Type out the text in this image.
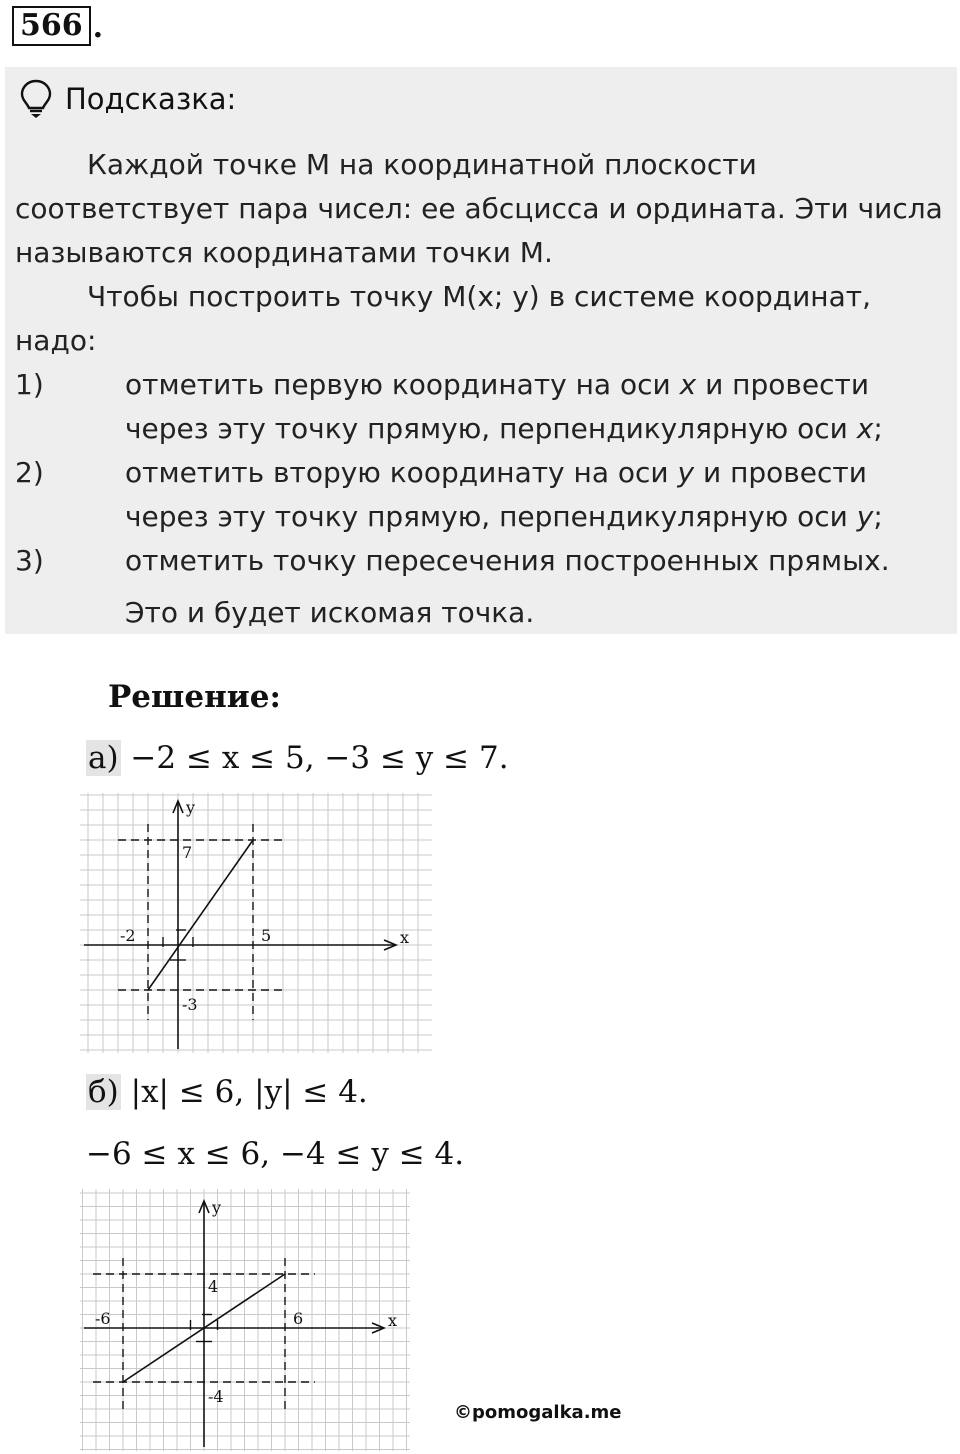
566 .
Подсказка:

Каждой точке М на координатной плоскости

соответствует пара чисел: ее абсцисса и ордината. Эти числа называются координатами точки М.

Чтобы построить точку М(x; y) в системе координат,

надо:

1)	отметить первую координату на оси x и провести через эту точку прямую, перпендикулярную оси x;
2)	отметить вторую координату на оси y и провести через эту точку прямую, перпендикулярную оси y;
3)	отметить точку пересечения построенных прямых.

Это и будет искомая точка.

Решение:
а) −2 ≤ x ≤ 5, −3 ≤ y ≤ 7.
x
y
-2	5
7
-3
б) |x| ≤ 6, |y| ≤ 4.
−6 ≤ x ≤ 6, −4 ≤ y ≤ 4.
x
y
-6	6
4
-4
©pomogalka.me
